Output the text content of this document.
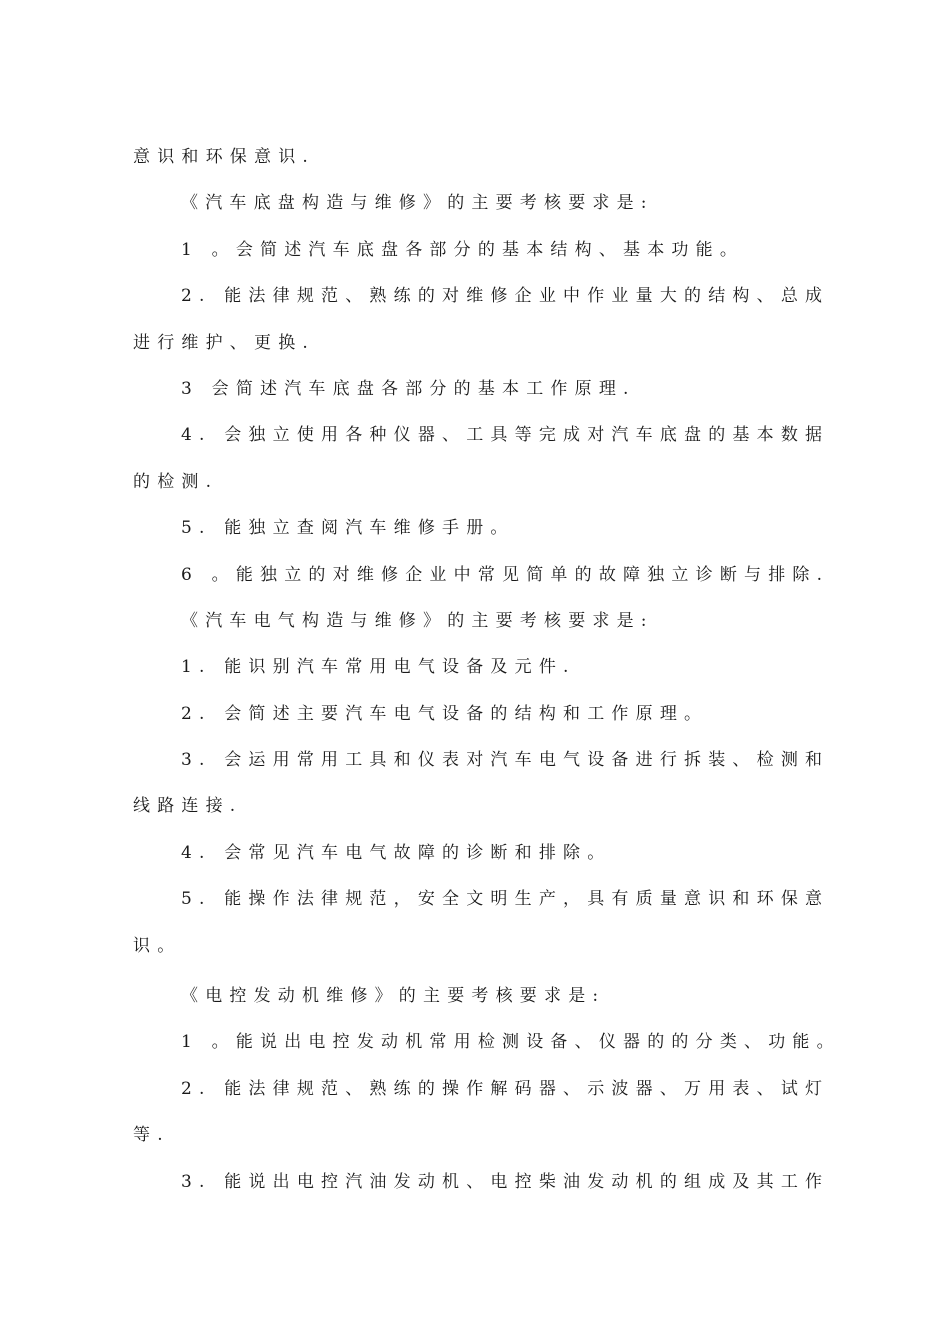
意识和环保意识.
《汽车底盘构造与维修》的主要考核要求是:
1 。会简述汽车底盘各部分的基本结构、基本功能。
2. 能法律规范、熟练的对维修企业中作业量大的结构、总成
进行维护、更换.
3 会简述汽车底盘各部分的基本工作原理.
4. 会独立使用各种仪器、工具等完成对汽车底盘的基本数据
的检测.
5. 能独立查阅汽车维修手册。
6 。能独立的对维修企业中常见简单的故障独立诊断与排除.
《汽车电气构造与维修》的主要考核要求是:
1. 能识别汽车常用电气设备及元件.
2. 会简述主要汽车电气设备的结构和工作原理。
3. 会运用常用工具和仪表对汽车电气设备进行拆装、检测和
线路连接.
4. 会常见汽车电气故障的诊断和排除。
5. 能操作法律规范，安全文明生产，具有质量意识和环保意
识。
《电控发动机维修》的主要考核要求是:
1 。能说出电控发动机常用检测设备、仪器的的分类、功能。
2. 能法律规范、熟练的操作解码器、示波器、万用表、试灯
等.
3. 能说出电控汽油发动机、电控柴油发动机的组成及其工作
